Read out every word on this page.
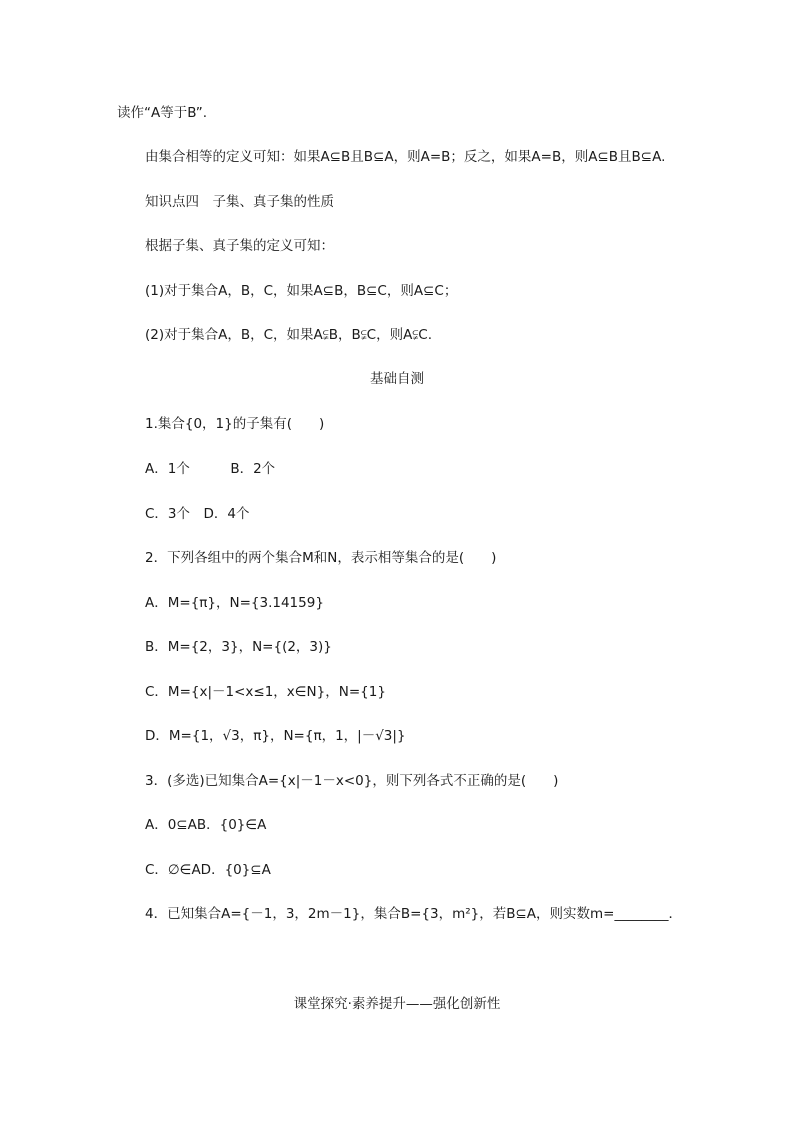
读作“A等于B”.
由集合相等的定义可知：如果A⊆B且B⊆A，则A=B；反之，如果A=B，则A⊆B且B⊆A.
知识点四　子集、真子集的性质
根据子集、真子集的定义可知：
(1)对于集合A，B，C，如果A⊆B，B⊆C，则A⊆C；
(2)对于集合A，B，C，如果A⫋B，B⫋C，则A⫋C.
基础自测
1.集合{0，1}的子集有(　　)
A．1个　　　B．2个
C．3个　D．4个
2．下列各组中的两个集合M和N，表示相等集合的是(　　)
A．M={π}，N={3.14159}
B．M={2，3}，N={(2，3)}
C．M={x|－1<x≤1，x∈N}，N={1}
D．M={1，√3，π}，N={π，1，|－√3|}
3．(多选)已知集合A={x|－1－x<0}，则下列各式不正确的是(　　)
A．0⊆AB．{0}∈A
C．∅∈AD．{0}⊆A
4．已知集合A={－1，3，2m－1}，集合B={3，m²}，若B⊆A，则实数m=________．
课堂探究·素养提升——强化创新性
